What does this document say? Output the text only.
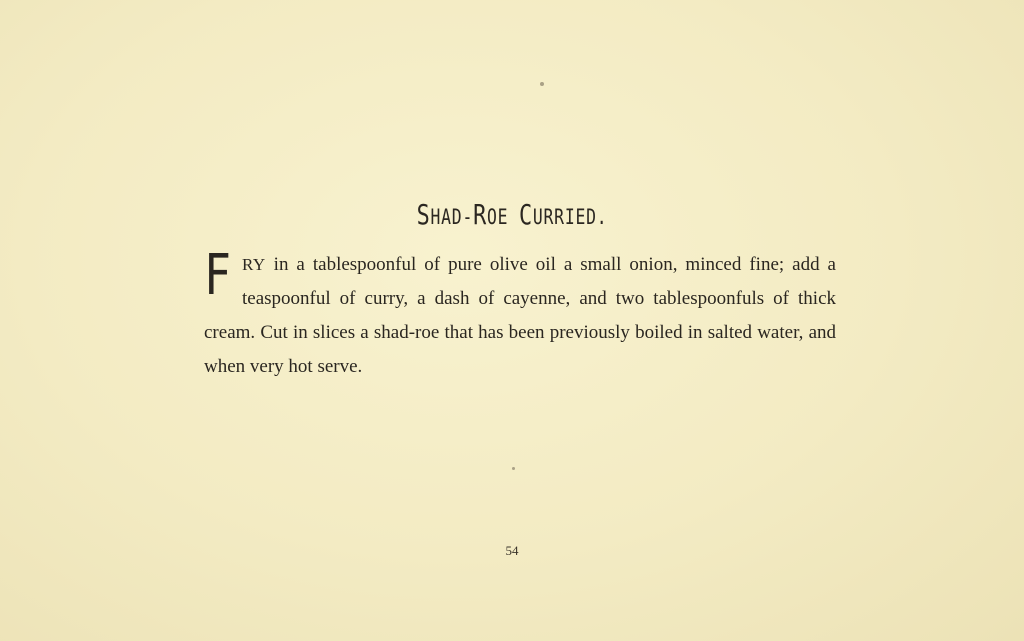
SHAD-ROE CURRIED.

FRY in a tablespoonful of pure olive oil a small onion, minced fine; add a teaspoonful of curry, a dash of cayenne, and two tablespoonfuls of thick cream. Cut in slices a shad-roe that has been previously boiled in salted water, and when very hot serve.

54
